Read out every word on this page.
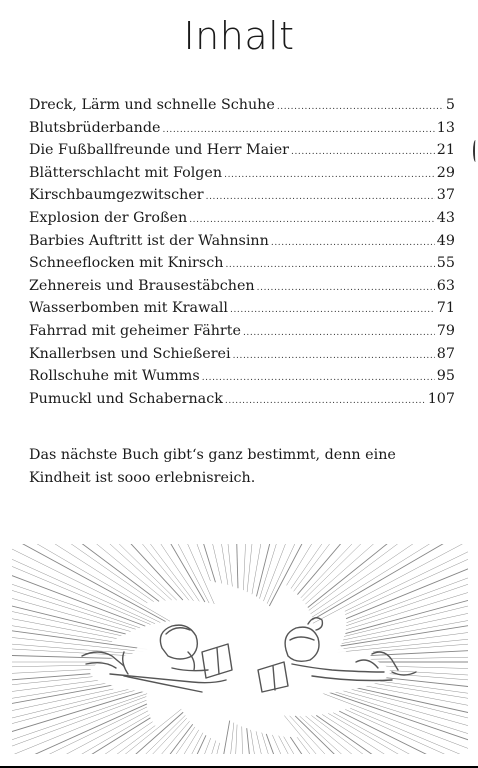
Inhalt
Dreck, Lärm und schnelle Schuhe .....	5
Blutsbrüderbande .....	13
Die Fußballfreunde und Herr Maier .....	21
Blätterschlacht mit Folgen .....	29
Kirschbaumgezwitscher .....	37
Explosion der Großen .....	43
Barbies Auftritt ist der Wahnsinn .....	49
Schneeflocken mit Knirsch .....	55
Zehnereis und Brausestäbchen .....	63
Wasserbomben mit Krawall .....	71
Fahrrad mit geheimer Fährte .....	79
Knallerbsen und Schießerei .....	87
Rollschuhe mit Wumms .....	95
Pumuckl und Schabernack .....	107
Das nächste Buch gibt‘s ganz bestimmt, denn eine Kindheit ist sooo erlebnisreich.
